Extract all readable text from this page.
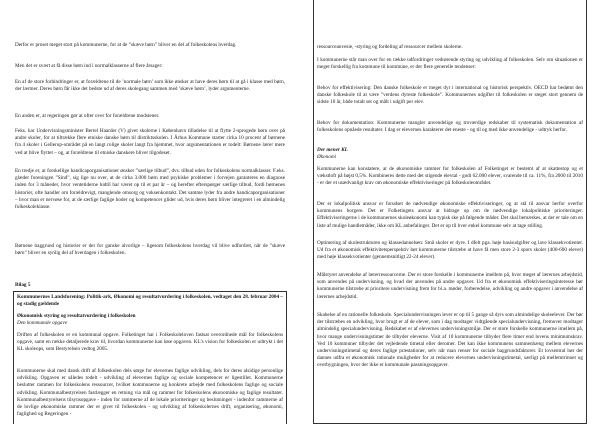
Derfor er proset meget stort på kommunerne, for at de ”skæve børn” bliver en del af folkeskolens hverdag.

Men det er svært at få disse børn ind i normalklasserne af flere årsager:

En af de store forhindringer er, at forældrene til de ’normale børn’ som ikke ønsker at have deres børn til at gå i klasse med børn, der lærmer. Deres børn får ikke det bedste ud af deres skolegang sammen med ’skæve børn’, lyder argumenterne.

En anden er, at regeringen gør at ofter over for forældrene modstener.

Feks. har Undervisningsminister Bertel Haarder (V) givet skolerne i København tilladelse til at flytte 2-sprogede børn over på andre skoler, for at tiltrække flere etniske danske børn til distriktsskolen. I Århus Kommune starter cirka 10 procent af børnene fra 4 skoler i Gellerup-området på en langt rolige skoler langt fra hjemmet, hvor argumentationen er todelt: Børnene lærer mere ved at blive flyttet – og, at forældrene til etniske danskere bliver tilgodeset.

En tredje er, at forskellige handicaporganisationer ønsker ”særlige tilbud”, dvs. tilbud uden for folkeskolens normalklasser. F.eks. glæder foreningen ”Sind”, sig lige nu over, at de cirka 3.000 børn med psykiske problemer i forvejen garanteres en diagnose inden for 3 måneder, hvor ventetiderne hidtil har været op til et par år – og herefter efterspørger særlige tilbud, fordi børnenes historier, ofte handler om forældrevigt, manglende omsorg og voksenkontakt. Det samme lyder fra andre handicaporganisationer – hvor man er nervøse for, at de særlige faglige hoder og kompetencer glider ud, hvis deres børn bliver integreret i en almindelig folkeskoleklasse.

Børnene baggrund og historier er der for ganske alvorlige – ligesom folkeskolens hverdag vil blive udfordret, når de ”skæve børn” bliver en synlig del af hverdagen i folkeskolen.

Bilag 5

Kommunernes Landsforening: Politik-ark, Økonomi og resultatvurdering i folkeskolen, vedtaget den 28. februar 2004 – og stadig gældende

Økonomisk styring og resultatvurdering i folkeskolen

Den kommunale opgave

Driften af folkeskolen er en kommunal opgave. Folketinget har i Folkeskoleloven fastsat overordnede mål for folkeskolens opgave, samt en række detaljerede krav til, hvordan kommunerne kan løse opgaven. KL’s vision for folkeskolen er udtrykt i det KL skoleops, som Bestyrelsen vedtog 2005.

Kommunerne skal med dansk drift af folkeskolen dels sørge for elevernes faglige udvikling, dels for deres alsidige personlige udvikling. Opgaven er således todelt - udvikling af elevernes faglige og sociale kompetencer er ligestillet. Kommunerne beslutter rammen for folkeskolens ressourcer, hvilket kommunerne og konkrete arbejde med folkeskolens faglige og sociale udvikling. Kommunalbestyrelsen fastlægger en retning via mål og rammer for folkeskolens økonomiske og faglige resultater. Kommunalbestyrelsens tilsynsopgave - inden for rammerne af de lokale prioriteringer og beslutninger - indenfor rammerne af de lovlige økonomiske rammer der er givet til folkeskolen - og udvikling af folkeskolernes drift, organisering, økonomi, faglighed og Regeringen -

ressourceanvesie, -styring og fordeling af ressourcer mellem skolerne.

I kommunerne står man over for en række udfordringer vedrørende styring og udvikling af folkeskolen. Selv om situationen er meget forskellig fra kommune til kommune, er der flere generelle tendenser:

Behov for effektivisering: Den danske folkeskole er meget dyr i international og historisk perspektiv. OECD har bedømt den danske folkeskole til at være ”verdens dyreste folkeskole”. Kommunernes udgifter til folkeskolen er steget stort gennem de sidste 10 år, både totalt set og målt i udgift per elev.

Behov for dokumentation: Kommunerne mangler anvendelige og troværdige redskaber til systematisk dokumentation af folkeskolens opnåede resultater. I dag er elevernes karakterer det eneste - og til og med ikke anvendelige - udtryk herfor.

Der mener KL

Økonomi

Kommunerne kan konstatere, at de økonomiske rammer for folkeskolen af Folketinget er bestemt af at skattestop og et vækstloft på højst 0,5%. Kombineres dette med det stigende elevtal - godt 62.000 elever, svarende til ca. 11%, fra 2000 til 2010 - er der et usædvanligt krav om økonomiske effektiviseringer på folkeskoleområdet.

Der er lokalpolitisk ansvar er forudset de nødvendige økonomiske effektiviseringer, og at stå til ansvar herfor overfor kommunens borgere. Det er Folketingets ansvar at bidrage op om de nødvendige lokalpolitiske prioriteringer. Effektiviseringerne i de kommunernes skoleøkonomi kan typisk ske på følgende måder. Det skal bemærkes, at der er tale om en liste af mulige handlemåder, ikke om KL anbefalinger. Det er op til hver enkel kommune selv at tage stilling.

Optimering af skolestrukturen og klassedannelsen: Små skoler er dyre. I dfelt pga. høje basisudgifter og lave klassekvotienter. Ud fra et økonomisk effektivitetsperspektiv bør kommunerne tilstræbe at have få men store 2-3 spors skoler (400-600 elever) med høje klassekvotienter (gennemsnitligt 22-24 elever).

Målstyret anvendelse af lærerressourcerne. Der er store forskelle i kommunerne imellem på, hvor meget af lærernes arbejdstid, som anvendes på undervisning, og hvad der anvendes på andre opgaver. Ud fra et økonomisk effektiviseringsinteresse bør kommunerne tilstræbe at prioritere undervisning frem for bl.a. møder, forberedelse, udvikling og andre opgaver i anvendelse af lærernes arbejdstid.

Skabelse af en rationelle folkeskole. Specialundervisningen lever er op til 5 gange så dyrs som almindelige skoleelever. Der bør der tilstræbes en udvikling, hvor brugt er af de elever, som i dag modtager vidtgående specialundervisning, fremover modtager almindelig specialundervisning. Redskabet er af elevernes undervisningsmiljø. Der er store forskelle kommunerne imellem på, hvor mange undervisningstimer de tilbyder eleverne. Visit af 10 kommunerne tilbyder flere timer end lovens minimumskrav. Ved 10 kommuner tilbyder det vejledende timetal eller deromer. Det kan ikke kommunens sammenhæng mellem elevernes undervisningstimetal og deres faglige præstationer, selv når man renser for sociale baggrundsfaktorer. Et lovsentral bør der dannes udfra et økonomisk rationale muligheder for at reducere elevernes undervisningstimetal, særligt på mellemtrinnet og overbygningen, hvor der ikke er kommunale passningsopgaver.
